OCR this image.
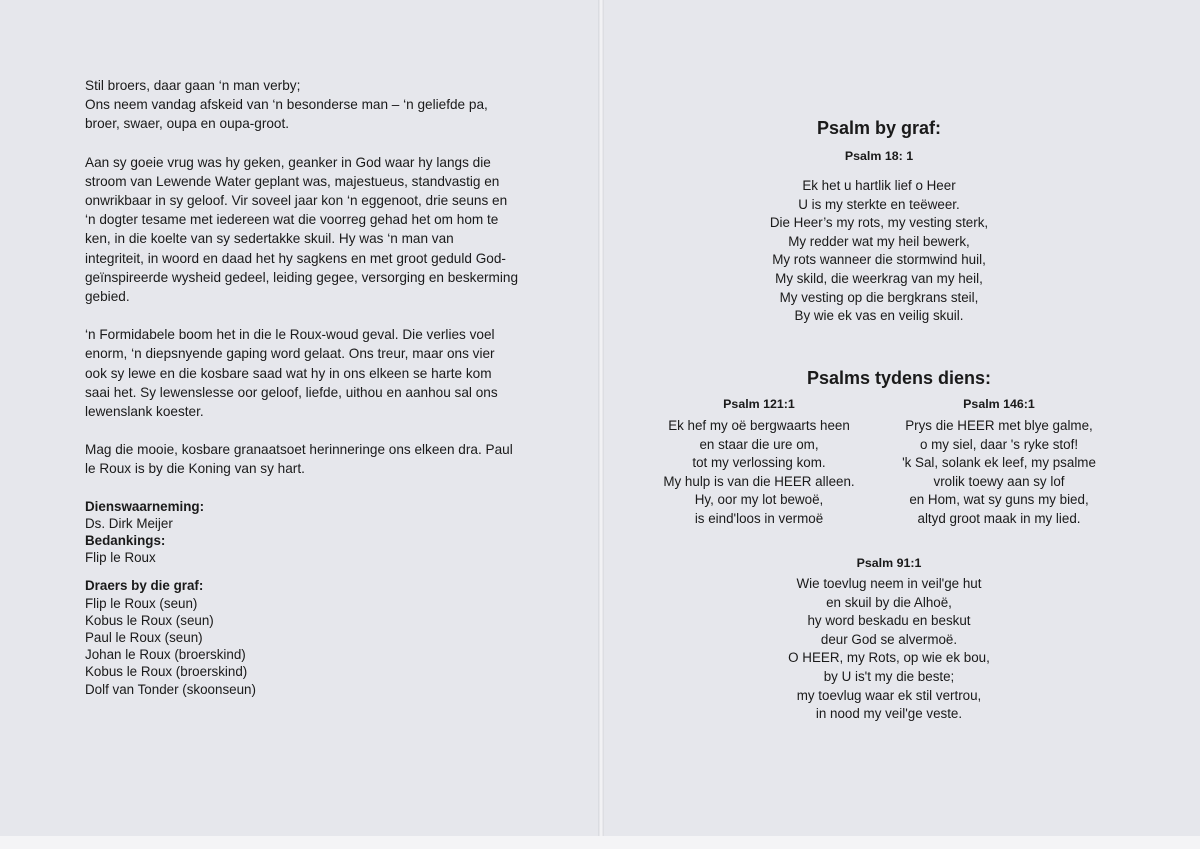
Stil broers, daar gaan ‘n man verby;
Ons neem vandag afskeid van ‘n besonderse man – ‘n geliefde pa,
broer, swaer, oupa en oupa-groot.
Aan sy goeie vrug was hy geken, geanker in God waar hy langs die
stroom van Lewende Water geplant was, majestueus, standvastig en
onwrikbaar in sy geloof. Vir soveel jaar kon ‘n eggenoot, drie seuns en
‘n dogter tesame met iedereen wat die voorreg gehad het om hom te
ken, in die koelte van sy sedertakke skuil. Hy was ‘n man van
integriteit, in woord en daad het hy sagkens en met groot geduld God-
geïnspireerde wysheid gedeel, leiding gegee, versorging en beskerming
gebied.
‘n Formidabele boom het in die le Roux-woud geval. Die verlies voel
enorm, ‘n diepsnyende gaping word gelaat. Ons treur, maar ons vier
ook sy lewe en die kosbare saad wat hy in ons elkeen se harte kom
saai het. Sy lewenslesse oor geloof, liefde, uithou en aanhou sal ons
lewenslank koester.
Mag die mooie, kosbare granaatsoet herinneringe ons elkeen dra. Paul
le Roux is by die Koning van sy hart.
Dienswaarneming:
Ds. Dirk Meijer
Bedankings:
Flip le Roux
Draers by die graf:
Flip le Roux (seun)
Kobus le Roux (seun)
Paul le Roux (seun)
Johan le Roux (broerskind)
Kobus le Roux (broerskind)
Dolf van Tonder (skoonseun)
Psalm by graf:
Psalm 18: 1
Ek het u hartlik lief o Heer
U is my sterkte en teëweer.
Die Heer’s my rots, my vesting sterk,
My redder wat my heil bewerk,
My rots wanneer die stormwind huil,
My skild, die weerkrag van my heil,
My vesting op die bergkrans steil,
By wie ek vas en veilig skuil.
Psalms tydens diens:
Psalm 121:1
Ek hef my oë bergwaarts heen
en staar die ure om,
tot my verlossing kom.
My hulp is van die HEER alleen.
Hy, oor my lot bewoë,
is eind'loos in vermoë
Psalm 146:1
Prys die HEER met blye galme,
o my siel, daar 's ryke stof!
'k Sal, solank ek leef, my psalme
vrolik toewy aan sy lof
en Hom, wat sy guns my bied,
altyd groot maak in my lied.
Psalm 91:1
Wie toevlug neem in veil'ge hut
en skuil by die Alhoë,
hy word beskadu en beskut
deur God se alvermoë.
O HEER, my Rots, op wie ek bou,
by U is't my die beste;
my toevlug waar ek stil vertrou,
in nood my veil'ge veste.
